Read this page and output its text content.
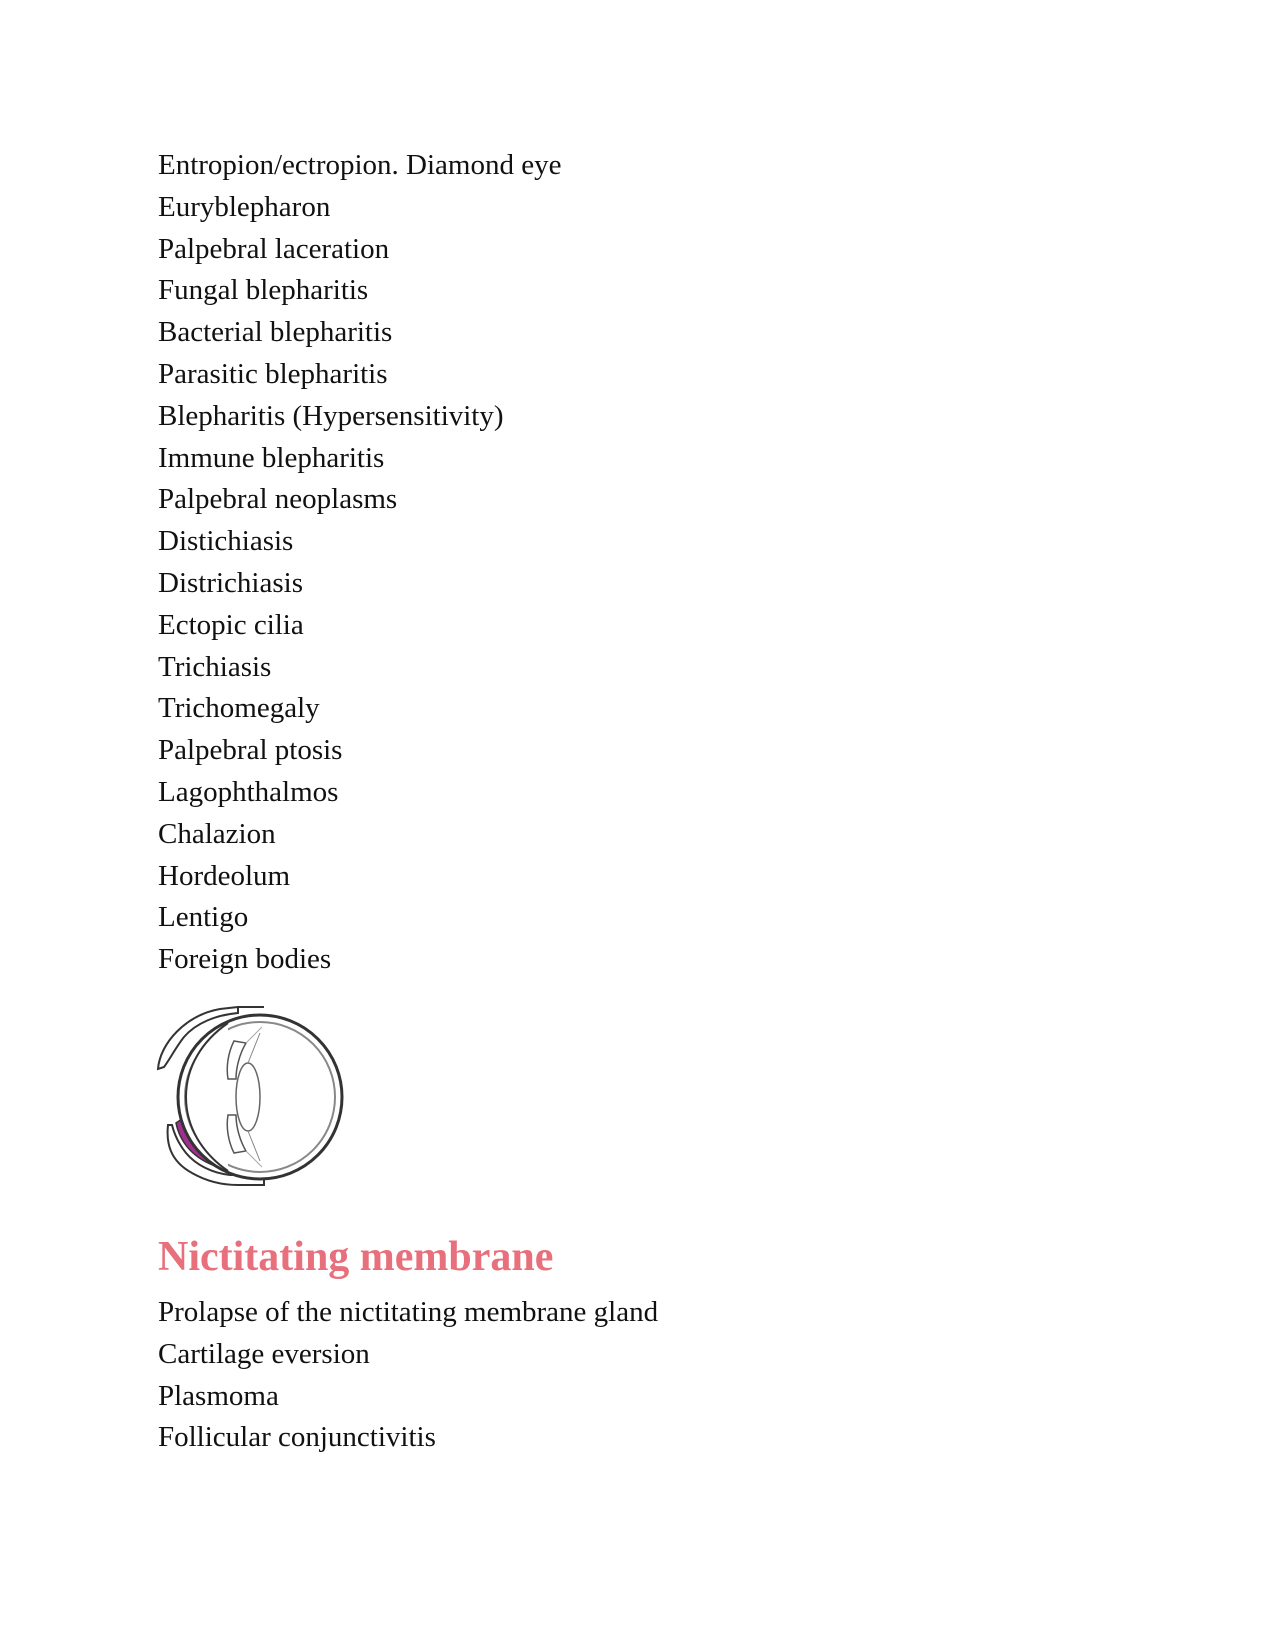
Entropion/ectropion. Diamond eye
Euryblepharon
Palpebral laceration
Fungal blepharitis
Bacterial blepharitis
Parasitic blepharitis
Blepharitis (Hypersensitivity)
Immune blepharitis
Palpebral neoplasms
Distichiasis
Districhiasis
Ectopic cilia
Trichiasis
Trichomegaly
Palpebral ptosis
Lagophthalmos
Chalazion
Hordeolum
Lentigo
Foreign bodies
Nictitating membrane
Prolapse of the nictitating membrane gland
Cartilage eversion
Plasmoma
Follicular conjunctivitis
